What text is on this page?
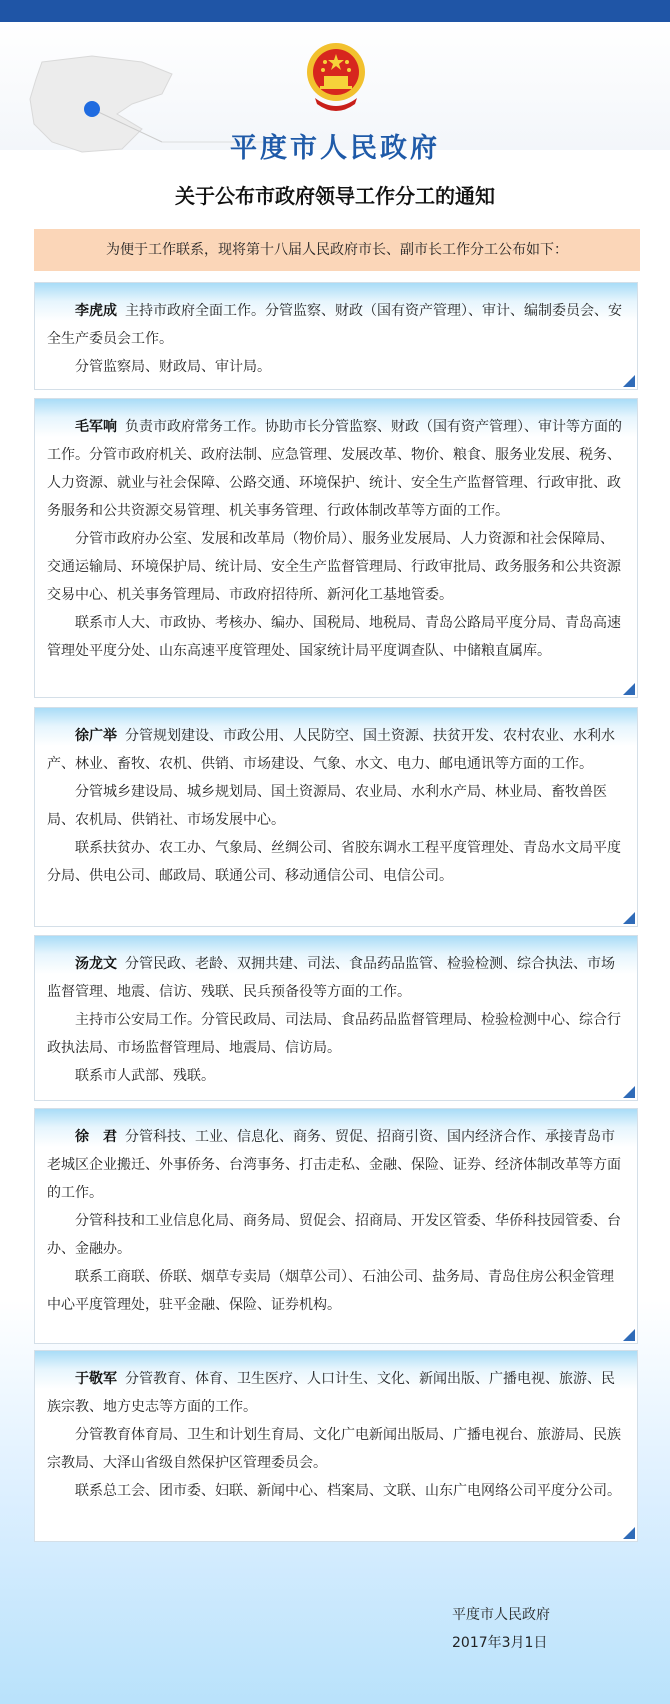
平度市人民政府
关于公布市政府领导工作分工的通知
为便于工作联系，现将第十八届人民政府市长、副市长工作分工公布如下：

李虎成 主持市政府全面工作。分管监察、财政（国有资产管理）、审计、编制委员会、安全生产委员会工作。

分管监察局、财政局、审计局。

毛军响 负责市政府常务工作。协助市长分管监察、财政（国有资产管理）、审计等方面的工作。分管市政府机关、政府法制、应急管理、发展改革、物价、粮食、服务业发展、税务、人力资源、就业与社会保障、公路交通、环境保护、统计、安全生产监督管理、行政审批、政务服务和公共资源交易管理、机关事务管理、行政体制改革等方面的工作。

分管市政府办公室、发展和改革局（物价局）、服务业发展局、人力资源和社会保障局、交通运输局、环境保护局、统计局、安全生产监督管理局、行政审批局、政务服务和公共资源交易中心、机关事务管理局、市政府招待所、新河化工基地管委。

联系市人大、市政协、考核办、编办、国税局、地税局、青岛公路局平度分局、青岛高速管理处平度分处、山东高速平度管理处、国家统计局平度调查队、中储粮直属库。

徐广举 分管规划建设、市政公用、人民防空、国土资源、扶贫开发、农村农业、水利水产、林业、畜牧、农机、供销、市场建设、气象、水文、电力、邮电通讯等方面的工作。

分管城乡建设局、城乡规划局、国土资源局、农业局、水利水产局、林业局、畜牧兽医局、农机局、供销社、市场发展中心。

联系扶贫办、农工办、气象局、丝绸公司、省胶东调水工程平度管理处、青岛水文局平度分局、供电公司、邮政局、联通公司、移动通信公司、电信公司。

汤龙文 分管民政、老龄、双拥共建、司法、食品药品监管、检验检测、综合执法、市场监督管理、地震、信访、残联、民兵预备役等方面的工作。

主持市公安局工作。分管民政局、司法局、食品药品监督管理局、检验检测中心、综合行政执法局、市场监督管理局、地震局、信访局。

联系市人武部、残联。

徐　君 分管科技、工业、信息化、商务、贸促、招商引资、国内经济合作、承接青岛市老城区企业搬迁、外事侨务、台湾事务、打击走私、金融、保险、证券、经济体制改革等方面的工作。

分管科技和工业信息化局、商务局、贸促会、招商局、开发区管委、华侨科技园管委、台办、金融办。

联系工商联、侨联、烟草专卖局（烟草公司）、石油公司、盐务局、青岛住房公积金管理中心平度管理处，驻平金融、保险、证券机构。

于敬军 分管教育、体育、卫生医疗、人口计生、文化、新闻出版、广播电视、旅游、民族宗教、地方史志等方面的工作。

分管教育体育局、卫生和计划生育局、文化广电新闻出版局、广播电视台、旅游局、民族宗教局、大泽山省级自然保护区管理委员会。

联系总工会、团市委、妇联、新闻中心、档案局、文联、山东广电网络公司平度分公司。

平度市人民政府
2017年3月1日
